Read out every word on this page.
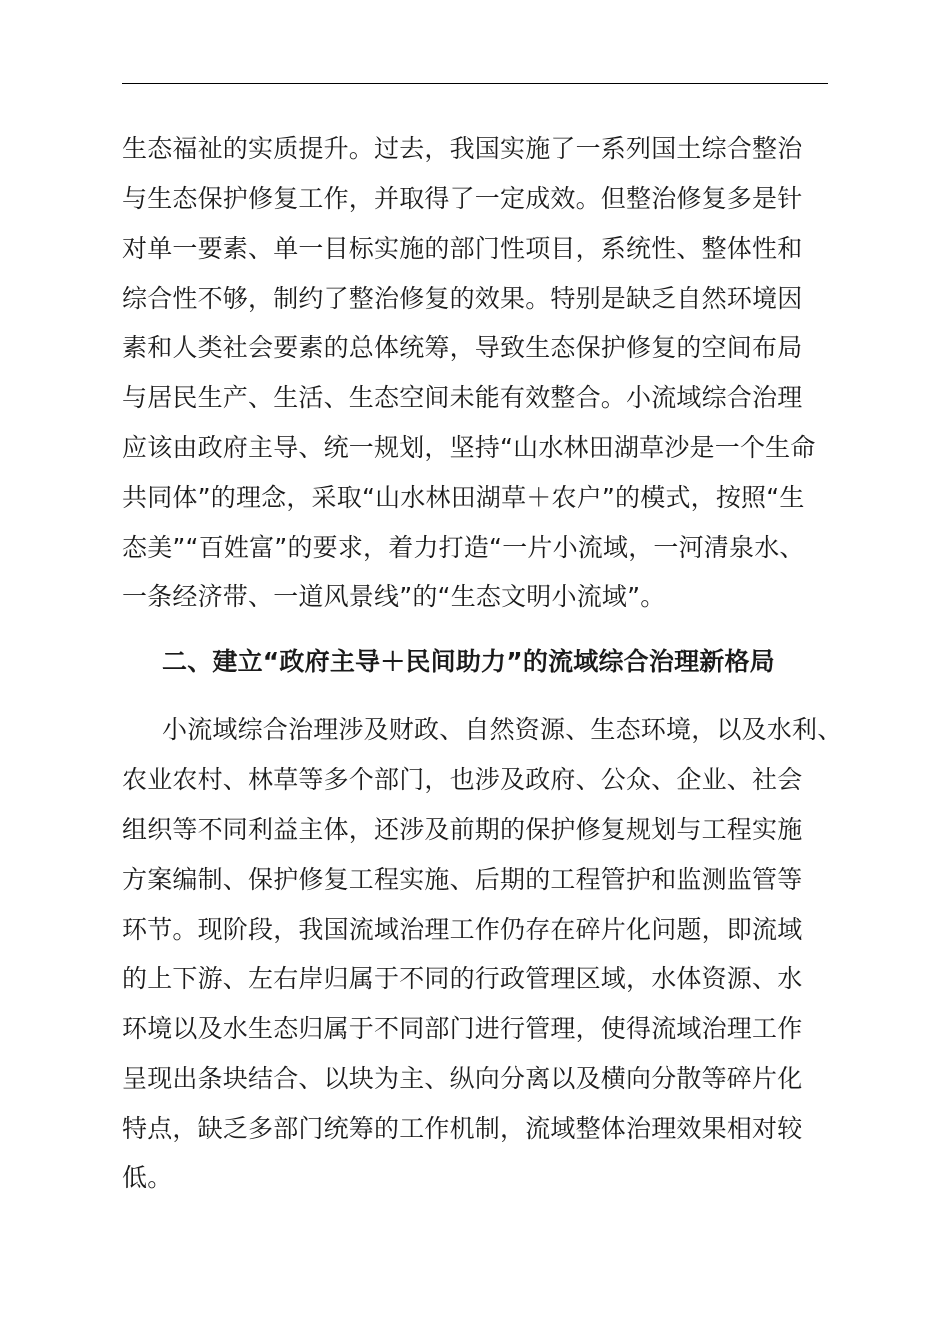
生态福祉的实质提升。过去，我国实施了一系列国土综合整治
与生态保护修复工作，并取得了一定成效。但整治修复多是针
对单一要素、单一目标实施的部门性项目，系统性、整体性和
综合性不够，制约了整治修复的效果。特别是缺乏自然环境因
素和人类社会要素的总体统筹，导致生态保护修复的空间布局
与居民生产、生活、生态空间未能有效整合。小流域综合治理
应该由政府主导、统一规划，坚持“山水林田湖草沙是一个生命
共同体”的理念，采取“山水林田湖草＋农户”的模式，按照“生
态美”“百姓富”的要求，着力打造“一片小流域，一河清泉水、
一条经济带、一道风景线”的“生态文明小流域”。
二、建立“政府主导＋民间助力”的流域综合治理新格局
小流域综合治理涉及财政、自然资源、生态环境，以及水利、
农业农村、林草等多个部门，也涉及政府、公众、企业、社会
组织等不同利益主体，还涉及前期的保护修复规划与工程实施
方案编制、保护修复工程实施、后期的工程管护和监测监管等
环节。现阶段，我国流域治理工作仍存在碎片化问题，即流域
的上下游、左右岸归属于不同的行政管理区域，水体资源、水
环境以及水生态归属于不同部门进行管理，使得流域治理工作
呈现出条块结合、以块为主、纵向分离以及横向分散等碎片化
特点，缺乏多部门统筹的工作机制，流域整体治理效果相对较
低。
